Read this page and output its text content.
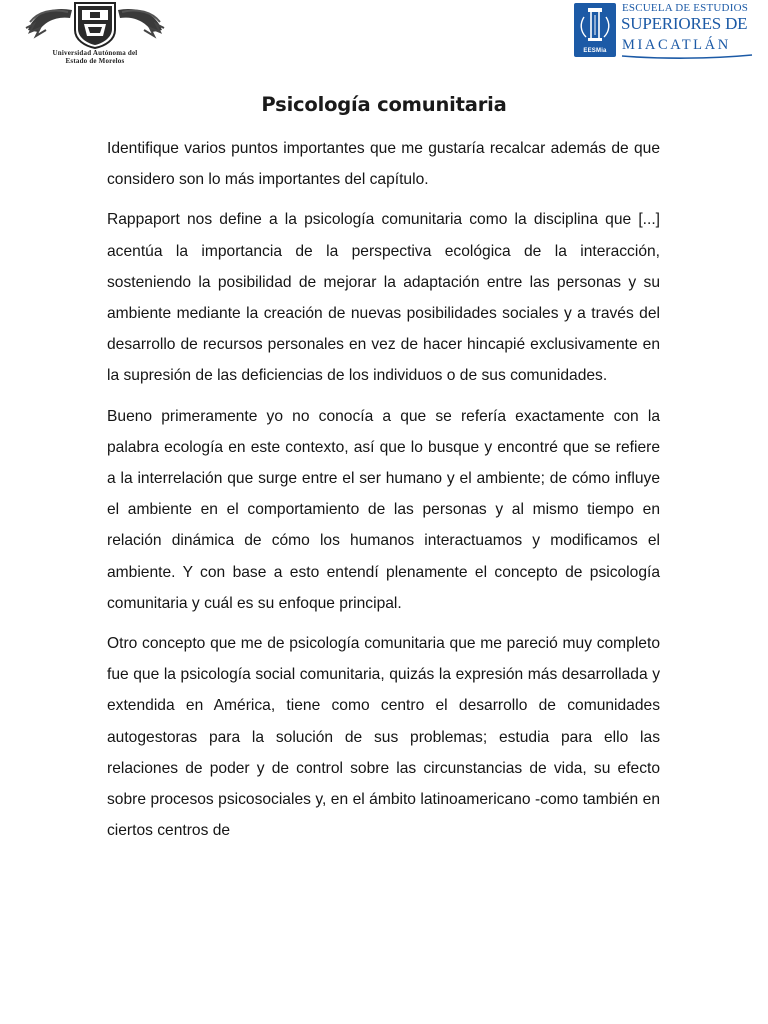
Universidad Autónoma del
Estado de Morelos
EESMia
ESCUELA DE ESTUDIOS
SUPERIORES DE
MIACATLÁN
Psicología comunitaria

Identifique varios puntos importantes que me gustaría recalcar además de que considero son lo más importantes del capítulo.

Rappaport nos define a la psicología comunitaria como la disciplina que [...] acentúa la importancia de la perspectiva ecológica de la interacción, sosteniendo la posibilidad de mejorar la adaptación entre las personas y su ambiente mediante la creación de nuevas posibilidades sociales y a través del desarrollo de recursos personales en vez de hacer hincapié exclusivamente en la supresión de las deficiencias de los individuos o de sus comunidades.

Bueno primeramente yo no conocía a que se refería exactamente con la palabra ecología en este contexto, así que lo busque y encontré que se refiere a la interrelación que surge entre el ser humano y el ambiente; de cómo influye el ambiente en el comportamiento de las personas y al mismo tiempo en relación dinámica de cómo los humanos interactuamos y modificamos el ambiente. Y con base a esto entendí plenamente el concepto de psicología comunitaria y cuál es su enfoque principal.

Otro concepto que me de psicología comunitaria que me pareció muy completo fue que la psicología social comunitaria, quizás la expresión más desarrollada y extendida en América, tiene como centro el desarrollo de comunidades autogestoras para la solución de sus problemas; estudia para ello las relaciones de poder y de control sobre las circunstancias de vida, su efecto sobre procesos psicosociales y, en el ámbito latinoamericano -como también en ciertos centros de
